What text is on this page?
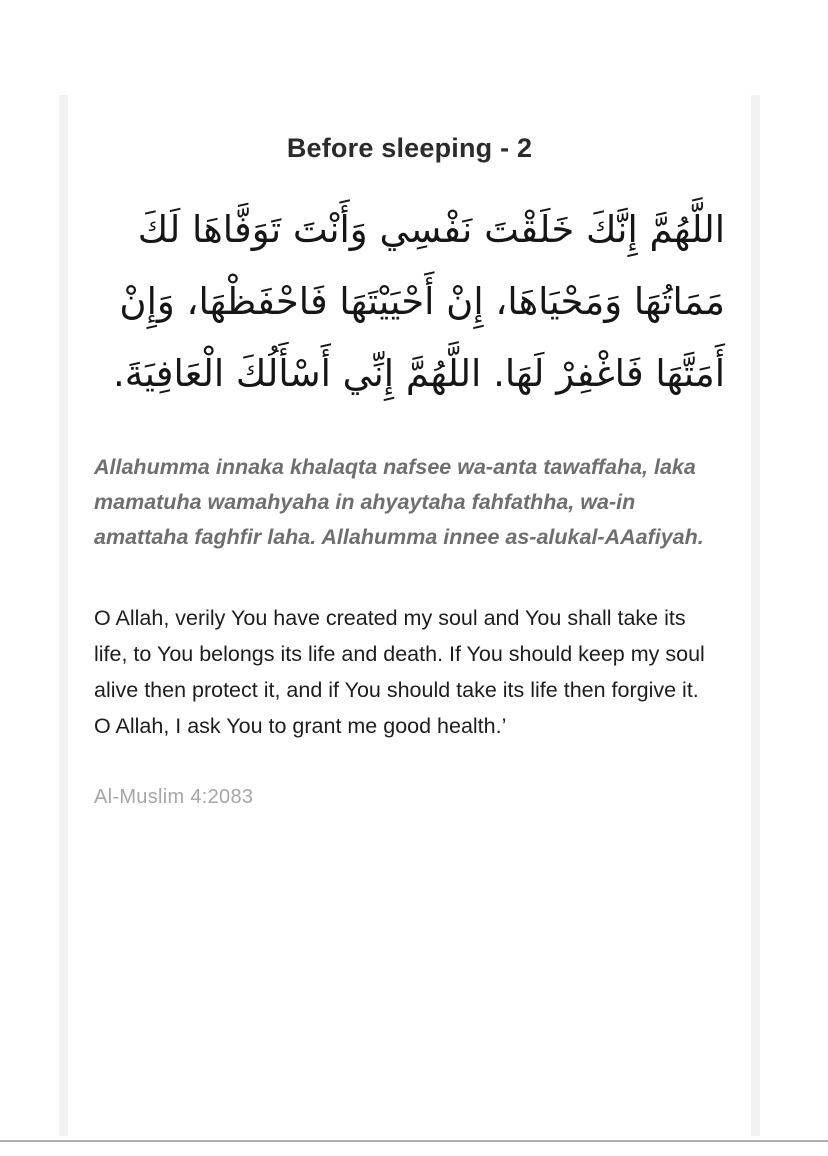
Before sleeping - 2
اللَّهُمَّ إِنَّكَ خَلَقْتَ نَفْسِي وَأَنْتَ تَوَفَّاهَا لَكَ مَمَاتُهَا وَمَحْيَاهَا، إِنْ أَحْيَيْتَهَا فَاحْفَظْهَا، وَإِنْ أَمَتَّهَا فَاغْفِرْ لَهَا. اللَّهُمَّ إِنِّي أَسْأَلُكَ الْعَافِيَةَ.

Allahumma innaka khalaqta nafsee wa-anta tawaffaha, laka mamatuha wamahyaha in ahyaytaha fahfathha, wa-in amattaha faghfir laha. Allahumma innee as-alukal-AAafiyah.

O Allah, verily You have created my soul and You shall take its life, to You belongs its life and death. If You should keep my soul alive then protect it, and if You should take its life then forgive it. O Allah, I ask You to grant me good health.’

Al-Muslim 4:2083
